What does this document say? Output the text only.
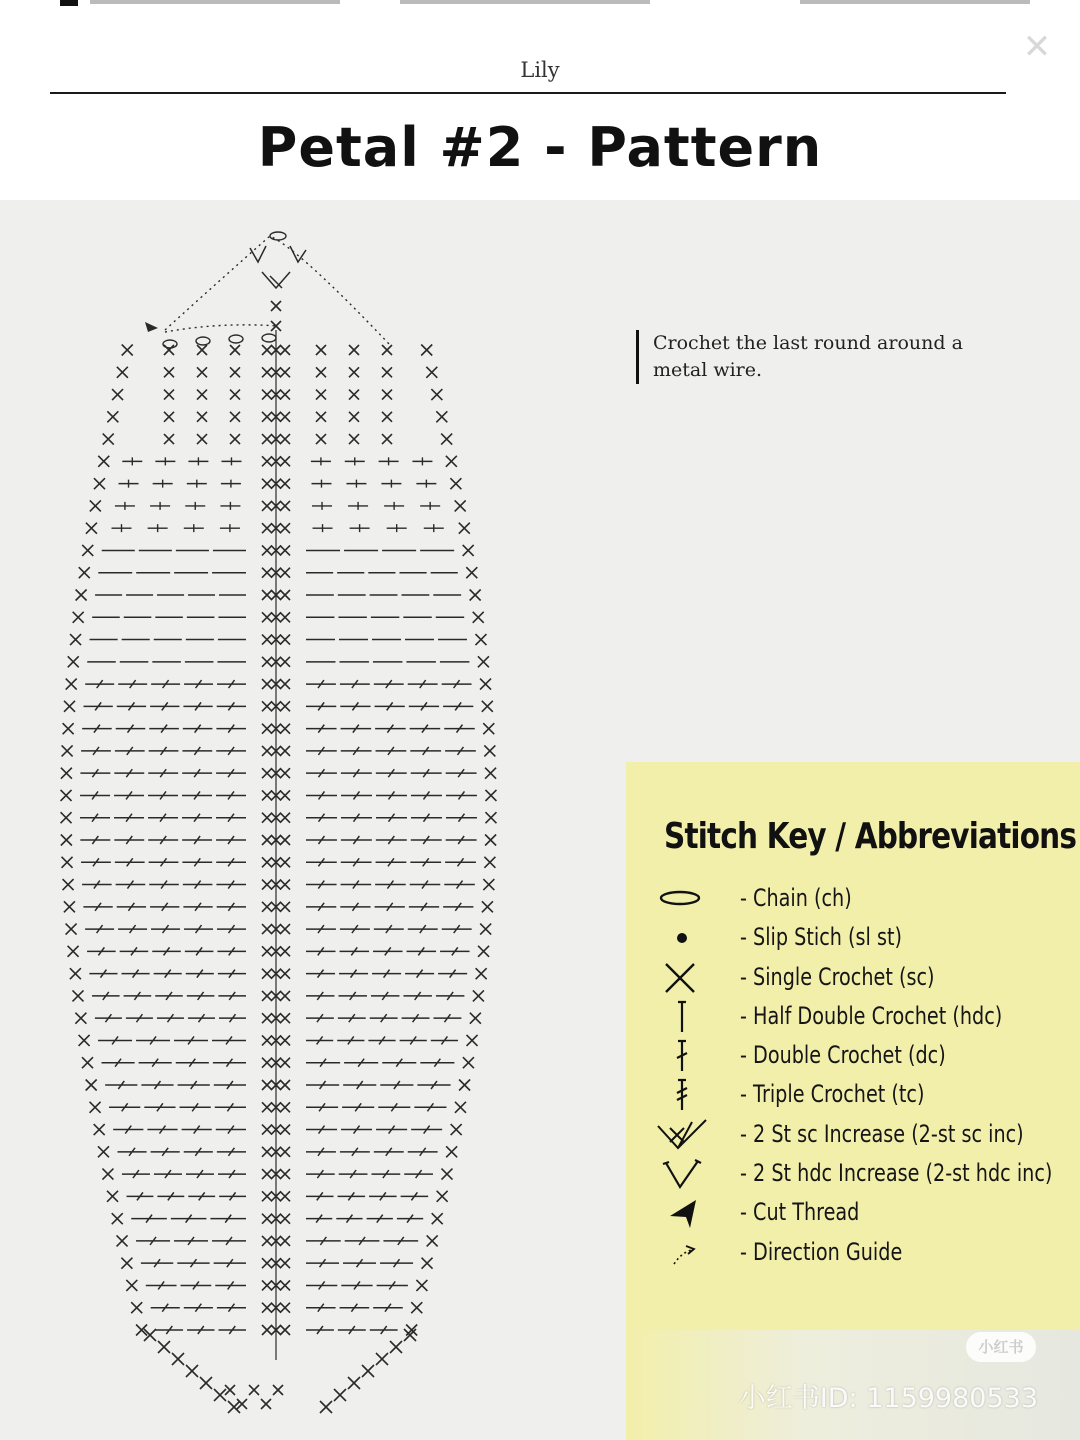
✕
Lily
Petal #2 - Pattern
Crochet the last round around a
metal wire.
Stitch Key / Abbreviations
- Chain (ch)
- Slip Stich (sl st)
- Single Crochet (sc)
- Half Double Crochet (hdc)
- Double Crochet (dc)
- Triple Crochet (tc)
- 2 St sc Increase (2-st sc inc)
- 2 St hdc Increase (2-st hdc inc)
- Cut Thread
- Direction Guide
小红书
小红书ID: 1159980533
